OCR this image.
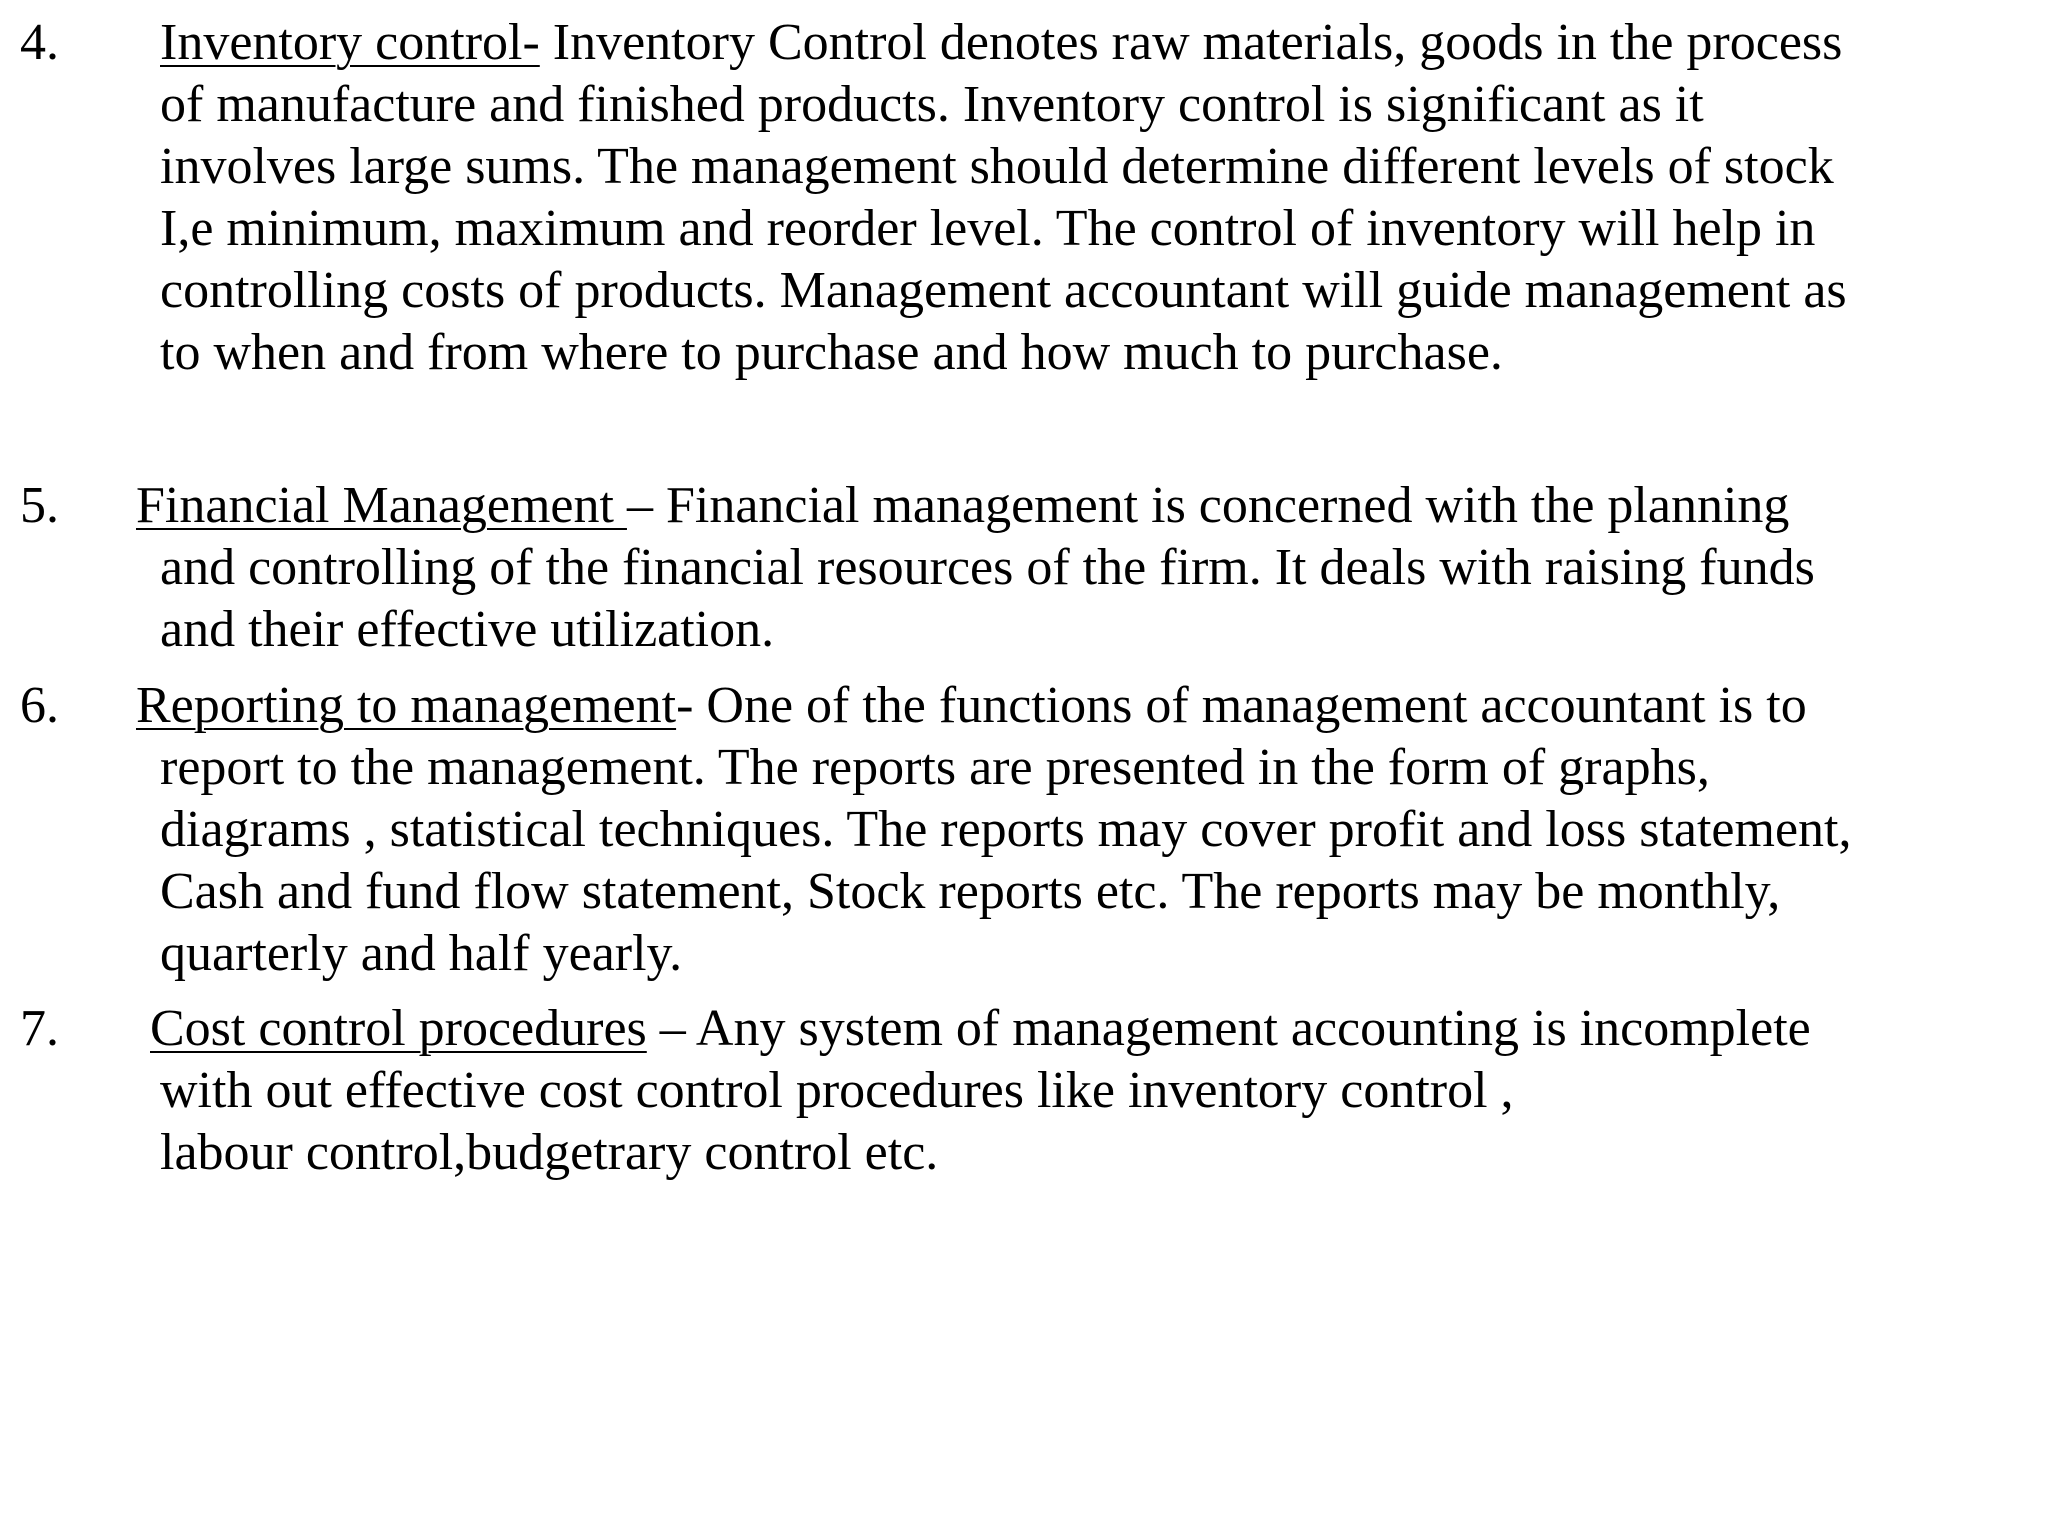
4. Inventory control- Inventory Control denotes raw materials, goods in the process
of manufacture and finished products. Inventory control is significant as it
involves large sums. The management should determine different levels of stock
I,e minimum, maximum and reorder level. The control of inventory will help in
controlling costs of products. Management accountant will guide management as
to when and from where to purchase and how much to purchase.
5. Financial Management – Financial management is concerned with the planning
and controlling of the financial resources of the firm. It deals with raising funds
and their effective utilization.
6. Reporting to management- One of the functions of management accountant is to
report to the management. The reports are presented in the form of graphs,
diagrams , statistical techniques. The reports may cover profit and loss statement,
Cash and fund flow statement, Stock reports etc. The reports may be monthly,
quarterly and half yearly.
7. Cost control procedures – Any system of management accounting is incomplete
with out effective cost control procedures like inventory control ,
labour control,budgetrary control etc.
